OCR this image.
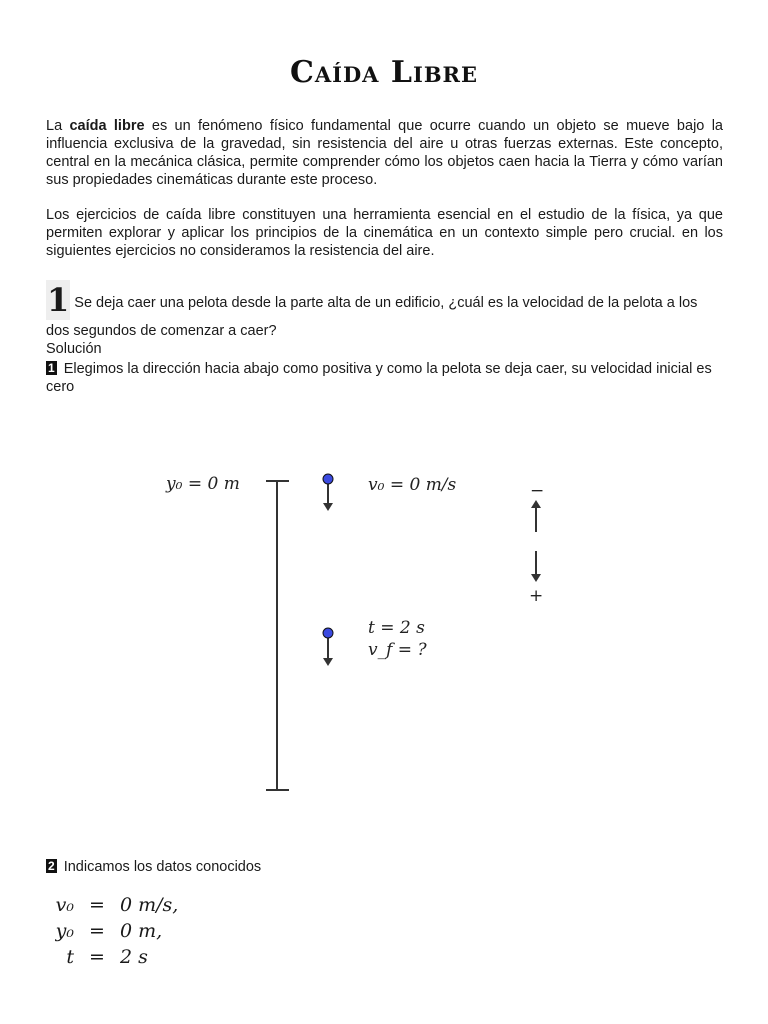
Caída Libre

La caída libre es un fenómeno físico fundamental que ocurre cuando un objeto se mueve bajo la influencia exclusiva de la gravedad, sin resistencia del aire u otras fuerzas externas. Este concepto, central en la mecánica clásica, permite comprender cómo los objetos caen hacia la Tierra y cómo varían sus propiedades cinemáticas durante este proceso.

Los ejercicios de caída libre constituyen una herramienta esencial en el estudio de la física, ya que permiten explorar y aplicar los principios de la cinemática en un contexto simple pero crucial. en los siguientes ejercicios no consideramos la resistencia del aire.

1 Se deja caer una pelota desde la parte alta de un edificio, ¿cuál es la velocidad de la pelota a los
dos segundos de comenzar a caer?
Solución
1 Elegimos la dirección hacia abajo como positiva y como la pelota se deja caer, su velocidad inicial es cero
y₀ = 0 m	v₀ = 0 m/s
t = 2 s
v_f = ?
−
+
2 Indicamos los datos conocidos
v₀ = 0 m/s,
y₀ = 0 m,
t = 2 s
